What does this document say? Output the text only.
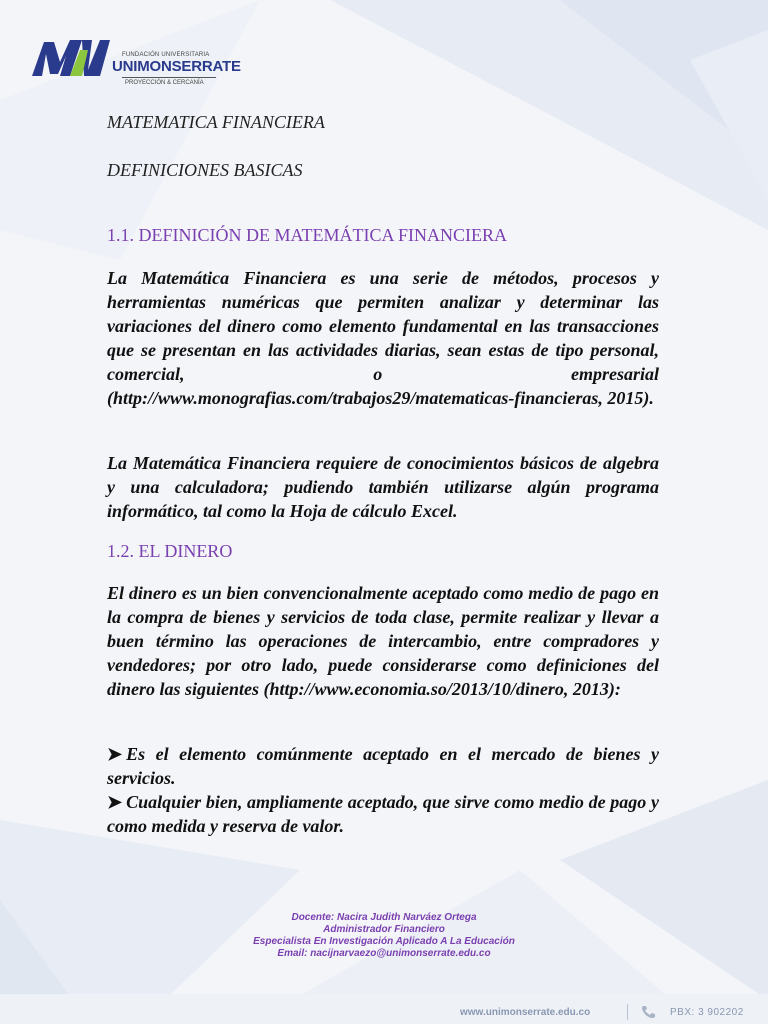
FUNDACIÓN UNIVERSITARIA
UNIMONSERRATE
PROYECCIÓN & CERCANÍA
MATEMATICA FINANCIERA
DEFINICIONES BASICAS
1.1. DEFINICIÓN DE MATEMÁTICA FINANCIERA

La Matemática Financiera es una serie de métodos, procesos y herramientas numéricas que permiten analizar y determinar las variaciones del dinero como elemento fundamental en las transacciones que se presentan en las actividades diarias, sean estas de tipo personal, comercial, o empresarial (http://www.monografias.com/trabajos29/matematicas-financieras, 2015).

La Matemática Financiera requiere de conocimientos básicos de algebra y una calculadora; pudiendo también utilizarse algún programa informático, tal como la Hoja de cálculo Excel.

1.2. EL DINERO

El dinero es un bien convencionalmente aceptado como medio de pago en la compra de bienes y servicios de toda clase, permite realizar y llevar a buen término las operaciones de intercambio, entre compradores y vendedores; por otro lado, puede considerarse como definiciones del dinero las siguientes (http://www.economia.so/2013/10/dinero, 2013):

➤ Es el elemento comúnmente aceptado en el mercado de bienes y servicios.

➤ Cualquier bien, ampliamente aceptado, que sirve como medio de pago y como medida y reserva de valor.

Docente: Nacira Judith Narváez Ortega
Administrador Financiero
Especialista En Investigación Aplicado A La Educación
Email: nacijnarvaezo@unimonserrate.edu.co
www.unimonserrate.edu.co	PBX: 3 902202
